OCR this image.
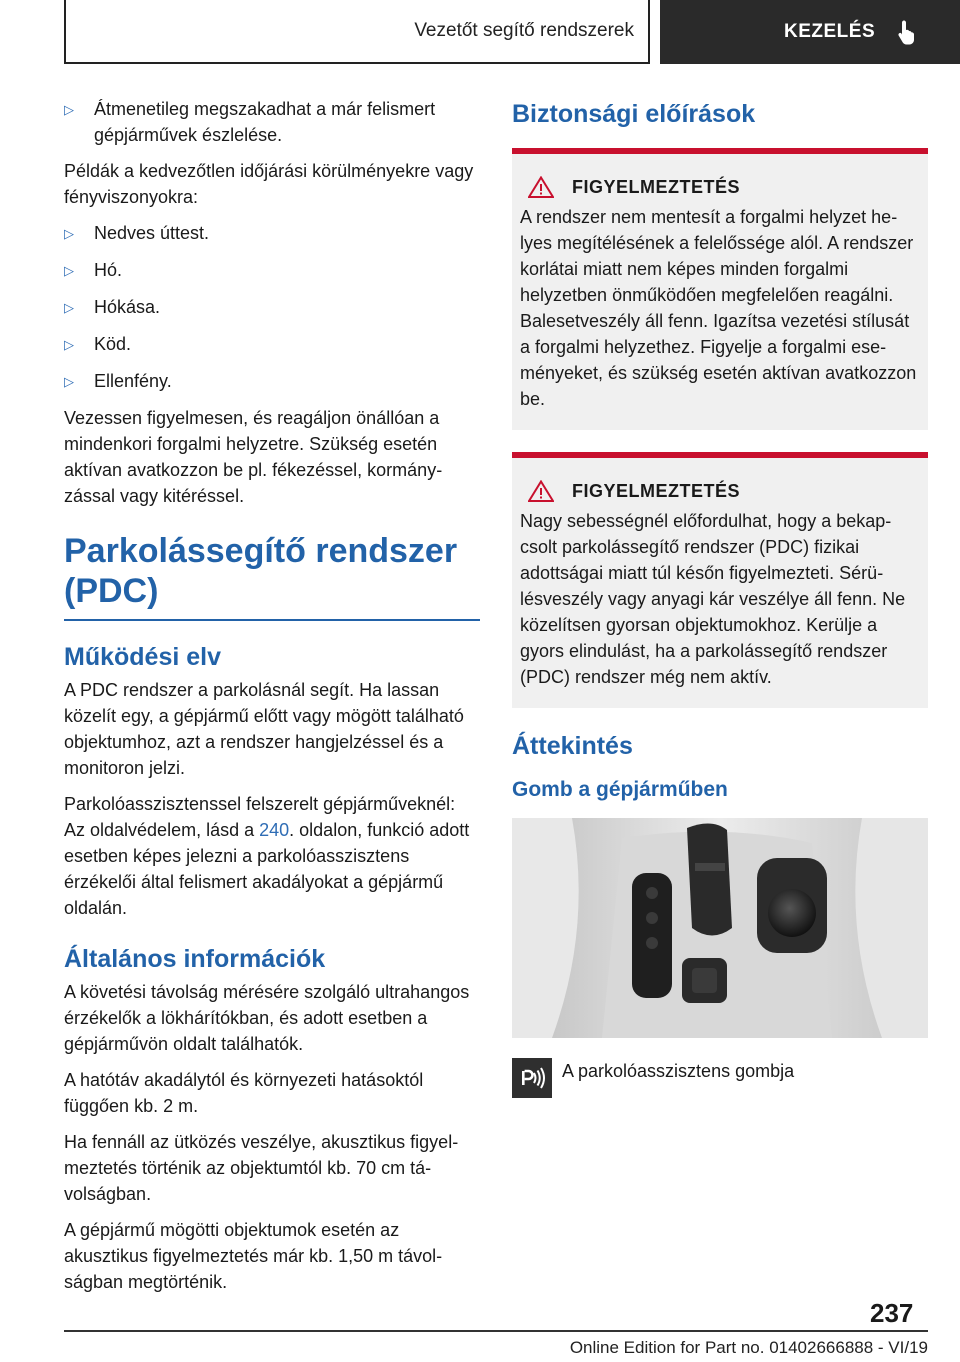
Vezetőt segítő rendszerek	KEZELÉS
▷	Átmenetileg megszakadhat a már felismert gépjárművek észlelése.

Példák a kedvezőtlen időjárási körülményekre vagy fényviszonyokra:

▷	Nedves úttest.
▷	Hó.
▷	Hókása.
▷	Köd.
▷	Ellenfény.

Vezessen figyelmesen, és reagáljon önállóan a mindenkori forgalmi helyzetre. Szükség esetén aktívan avatkozzon be pl. fékezéssel, kormányzással vagy kitéréssel.

Parkolássegítő rendszer (PDC)
Működési elv

A PDC rendszer a parkolásnál segít. Ha lassan közelít egy, a gépjármű előtt vagy mögött található objektumhoz, azt a rendszer hangjelzéssel és a monitoron jelzi.

Parkolóasszisztenssel felszerelt gépjárműveknél: Az oldalvédelem, lásd a 240. oldalon, funkció adott esetben képes jelezni a parkolóasszisztens érzékelői által felismert akadályokat a gépjármű oldalán.

Általános információk

A követési távolság mérésére szolgáló ultrahangos érzékelők a lökhárítókban, és adott esetben a gépjárművön oldalt találhatók.

A hatótáv akadálytól és környezeti hatásoktól függően kb. 2 m.

Ha fennáll az ütközés veszélye, akusztikus figyelmeztetés történik az objektumtól kb. 70 cm távolságban.

A gépjármű mögötti objektumok esetén az akusztikus figyelmeztetés már kb. 1,50 m távolságban megtörténik.

Biztonsági előírások
FIGYELMEZTETÉS

A rendszer nem mentesít a forgalmi helyzet helyes megítélésének a felelőssége alól. A rendszer korlátai miatt nem képes minden forgalmi helyzetben önműködően megfelelően reagálni. Balesetveszély áll fenn. Igazítsa vezetési stílusát a forgalmi helyzethez. Figyelje a forgalmi eseményeket, és szükség esetén aktívan avatkozzon be.

FIGYELMEZTETÉS

Nagy sebességnél előfordulhat, hogy a bekapcsolt parkolássegítő rendszer (PDC) fizikai adottságai miatt túl későn figyelmezteti. Sérülésveszély vagy anyagi kár veszélye áll fenn. Ne közelítsen gyorsan objektumokhoz. Kerülje a gyors elindulást, ha a parkolássegítő rendszer (PDC) rendszer még nem aktív.

Áttekintés
Gomb a gépjárműben
A parkolóasszisztens gombja
237
Online Edition for Part no. 01402666888 - VI/19
